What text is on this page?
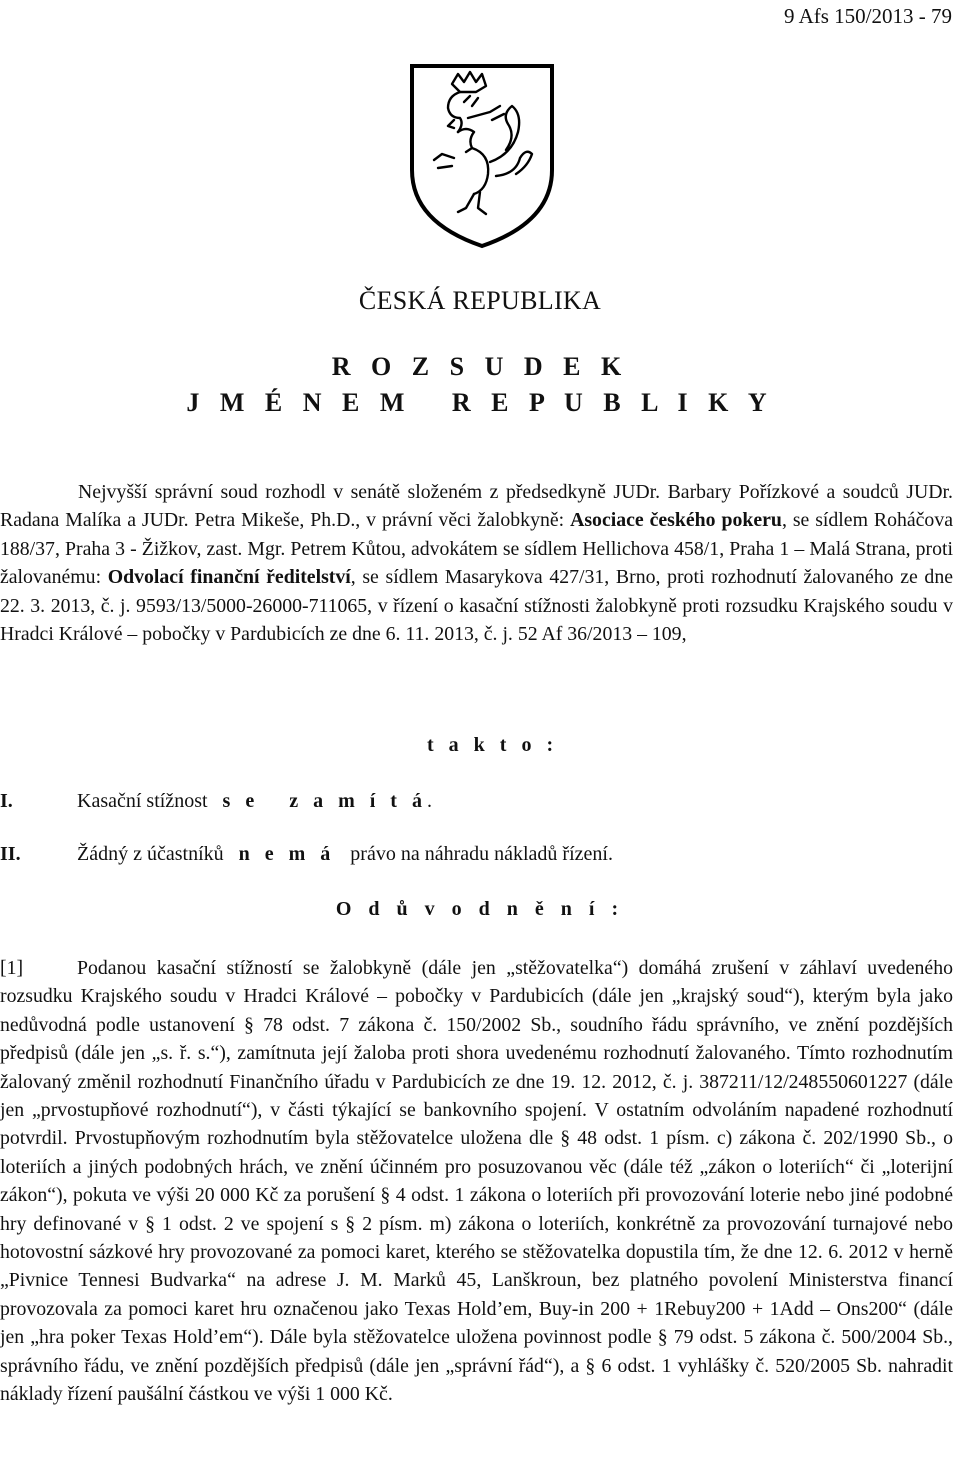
9 Afs 150/2013 - 79
ČESKÁ REPUBLIKA
R O Z S U D E K
J M É N E M   R E P U B L I K Y
Nejvyšší správní soud rozhodl v senátě složeném z předsedkyně JUDr. Barbary Pořízkové a soudců JUDr. Radana Malíka a JUDr. Petra Mikeše, Ph.D., v právní věci žalobkyně: Asociace českého pokeru, se sídlem Roháčova 188/37, Praha 3 - Žižkov, zast. Mgr. Petrem Kůtou, advokátem se sídlem Hellichova 458/1, Praha 1 – Malá Strana, proti žalovanému: Odvolací finanční ředitelství, se sídlem Masarykova 427/31, Brno, proti rozhodnutí žalovaného ze dne 22. 3. 2013, č. j. 9593/13/5000-26000-711065, v řízení o kasační stížnosti žalobkyně proti rozsudku Krajského soudu v Hradci Králové – pobočky v Pardubicích ze dne 6. 11. 2013, č. j. 52 Af 36/2013 – 109,
t a k t o :
I.	Kasační stížnost s e   z a m í t á.
II.	Žádný z účastníků n e m á právo na náhradu nákladů řízení.
O d ů v o d n ě n í :
[1]	Podanou kasační stížností se žalobkyně (dále jen „stěžovatelka“) domáhá zrušení v záhlaví uvedeného rozsudku Krajského soudu v Hradci Králové – pobočky v Pardubicích (dále jen „krajský soud“), kterým byla jako nedůvodná podle ustanovení § 78 odst. 7 zákona č. 150/2002 Sb., soudního řádu správního, ve znění pozdějších předpisů (dále jen „s. ř. s.“), zamítnuta její žaloba proti shora uvedenému rozhodnutí žalovaného. Tímto rozhodnutím žalovaný změnil rozhodnutí Finančního úřadu v Pardubicích ze dne 19. 12. 2012, č. j. 387211/12/248550601227 (dále jen „prvostupňové rozhodnutí“), v části týkající se bankovního spojení. V ostatním odvoláním napadené rozhodnutí potvrdil. Prvostupňovým rozhodnutím byla stěžovatelce uložena dle § 48 odst. 1 písm. c) zákona č. 202/1990 Sb., o loteriích a jiných podobných hrách, ve znění účinném pro posuzovanou věc (dále též „zákon o loteriích“ či „loterijní zákon“), pokuta ve výši 20 000 Kč za porušení § 4 odst. 1 zákona o loteriích při provozování loterie nebo jiné podobné hry definované v § 1 odst. 2 ve spojení s § 2 písm. m) zákona o loteriích, konkrétně za provozování turnajové nebo hotovostní sázkové hry provozované za pomoci karet, kterého se stěžovatelka dopustila tím, že dne 12. 6. 2012 v herně „Pivnice Tennesi Budvarka“ na adrese J. M. Marků 45, Lanškroun, bez platného povolení Ministerstva financí provozovala za pomoci karet hru označenou jako Texas Hold’em, Buy-in 200 + 1Rebuy200 + 1Add – Ons200“ (dále jen „hra poker Texas Hold’em“). Dále byla stěžovatelce uložena povinnost podle § 79 odst. 5 zákona č. 500/2004 Sb., správního řádu, ve znění pozdějších předpisů (dále jen „správní řád“), a § 6 odst. 1 vyhlášky č. 520/2005 Sb. nahradit náklady řízení paušální částkou ve výši 1 000 Kč.
